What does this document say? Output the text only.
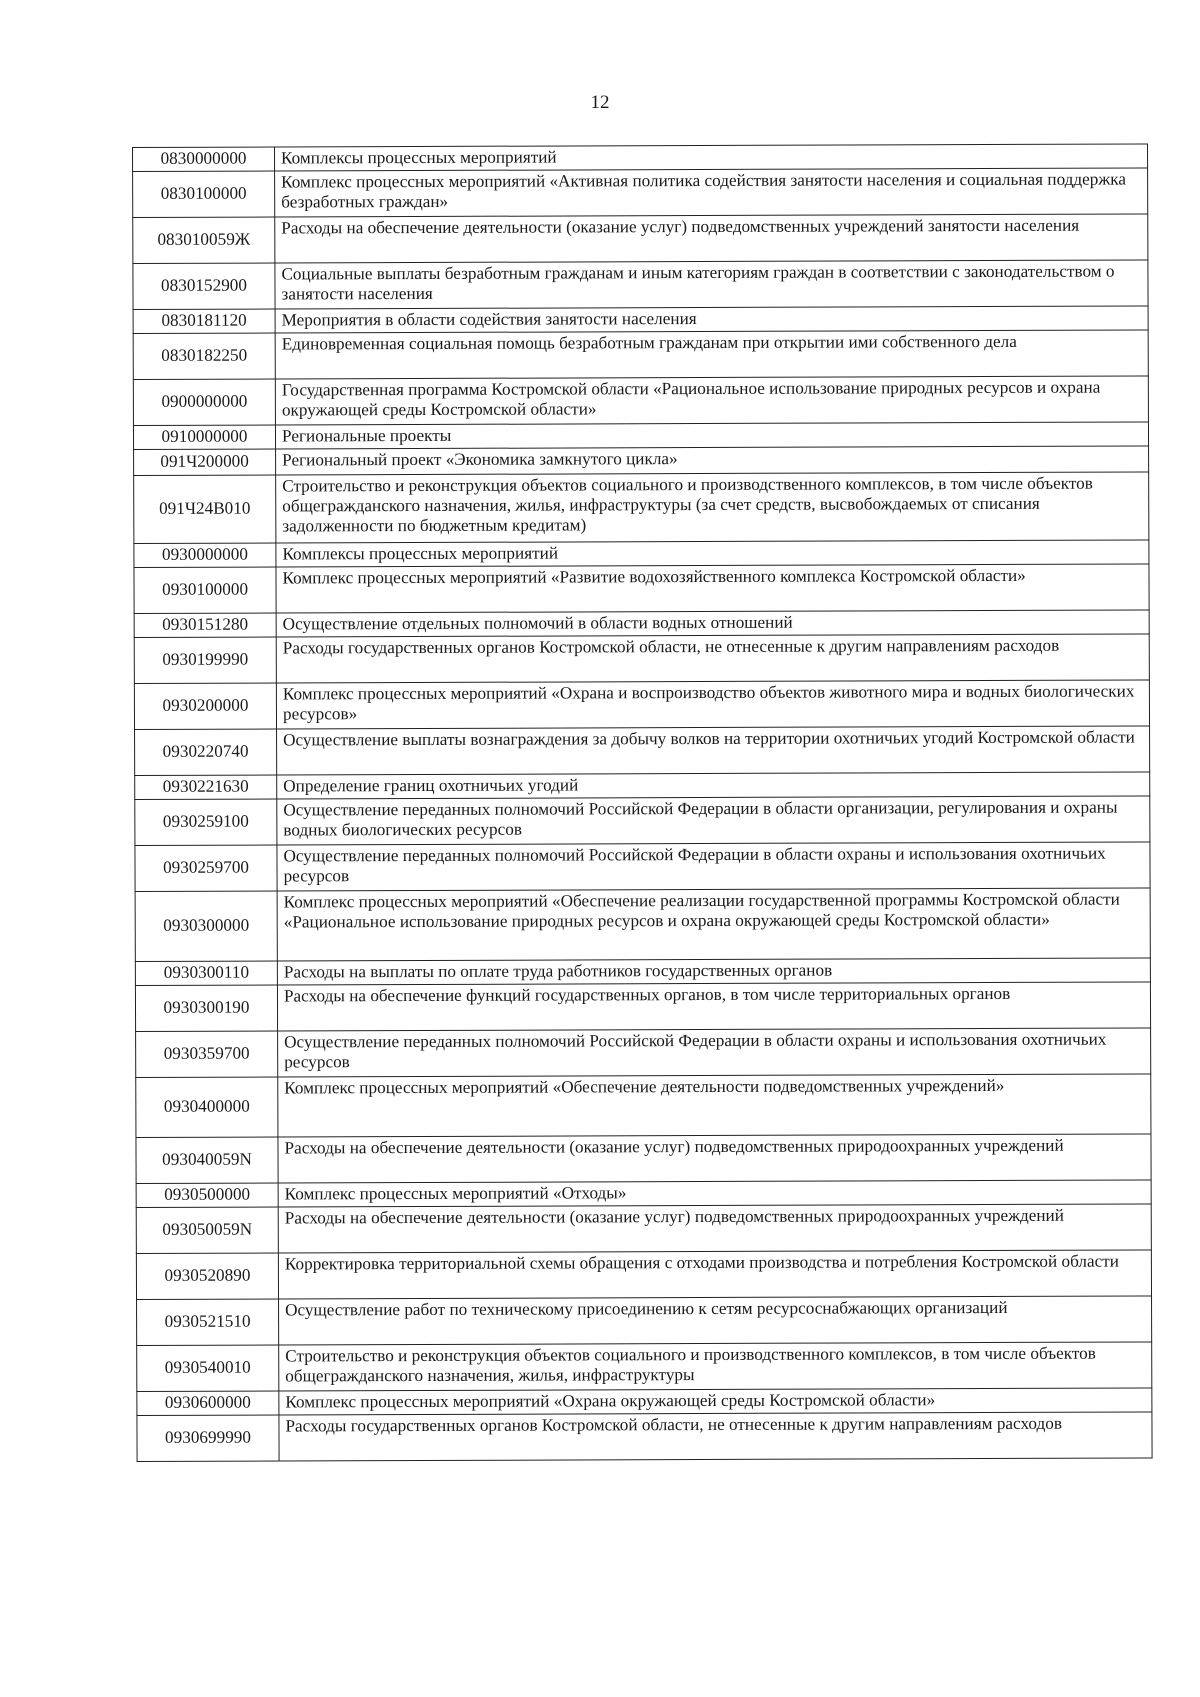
12
0830000000	Комплексы процессных мероприятий
0830100000	Комплекс процессных мероприятий «Активная политика содействия занятости населения и социальная поддержка безработных граждан»
083010059Ж	Расходы на обеспечение деятельности (оказание услуг) подведомственных учреждений занятости населения
0830152900	Социальные выплаты безработным гражданам и иным категориям граждан в соответствии с законодательством о занятости населения
0830181120	Мероприятия в области содействия занятости населения
0830182250	Единовременная социальная помощь безработным гражданам при открытии ими собственного дела
0900000000	Государственная программа Костромской области «Рациональное использование природных ресурсов и охрана окружающей среды Костромской области»
0910000000	Региональные проекты
091Ч200000	Региональный проект «Экономика замкнутого цикла»
091Ч24В010	Строительство и реконструкция объектов социального и производственного комплексов, в том числе объектов общегражданского назначения, жилья, инфраструктуры (за счет средств, высвобождаемых от списания задолженности по бюджетным кредитам)
0930000000	Комплексы процессных мероприятий
0930100000	Комплекс процессных мероприятий «Развитие водохозяйственного комплекса Костромской области»
0930151280	Осуществление отдельных полномочий в области водных отношений
0930199990	Расходы государственных органов Костромской области, не отнесенные к другим направлениям расходов
0930200000	Комплекс процессных мероприятий «Охрана и воспроизводство объектов животного мира и водных биологических ресурсов»
0930220740	Осуществление выплаты вознаграждения за добычу волков на территории охотничьих угодий Костромской области
0930221630	Определение границ охотничьих угодий
0930259100	Осуществление переданных полномочий Российской Федерации в области организации, регулирования и охраны водных биологических ресурсов
0930259700	Осуществление переданных полномочий Российской Федерации в области охраны и использования охотничьих ресурсов
0930300000	Комплекс процессных мероприятий «Обеспечение реализации государственной программы Костромской области «Рациональное использование природных ресурсов и охрана окружающей среды Костромской области»
0930300110	Расходы на выплаты по оплате труда работников государственных органов
0930300190	Расходы на обеспечение функций государственных органов, в том числе территориальных органов
0930359700	Осуществление переданных полномочий Российской Федерации в области охраны и использования охотничьих ресурсов
0930400000	Комплекс процессных мероприятий «Обеспечение деятельности подведомственных учреждений»
093040059N	Расходы на обеспечение деятельности (оказание услуг) подведомственных природоохранных учреждений
0930500000	Комплекс процессных мероприятий «Отходы»
093050059N	Расходы на обеспечение деятельности (оказание услуг) подведомственных природоохранных учреждений
0930520890	Корректировка территориальной схемы обращения с отходами производства и потребления Костромской области
0930521510	Осуществление работ по техническому присоединению к сетям ресурсоснабжающих организаций
0930540010	Строительство и реконструкция объектов социального и производственного комплексов, в том числе объектов общегражданского назначения, жилья, инфраструктуры
0930600000	Комплекс процессных мероприятий «Охрана окружающей среды Костромской области»
0930699990	Расходы государственных органов Костромской области, не отнесенные к другим направлениям расходов
